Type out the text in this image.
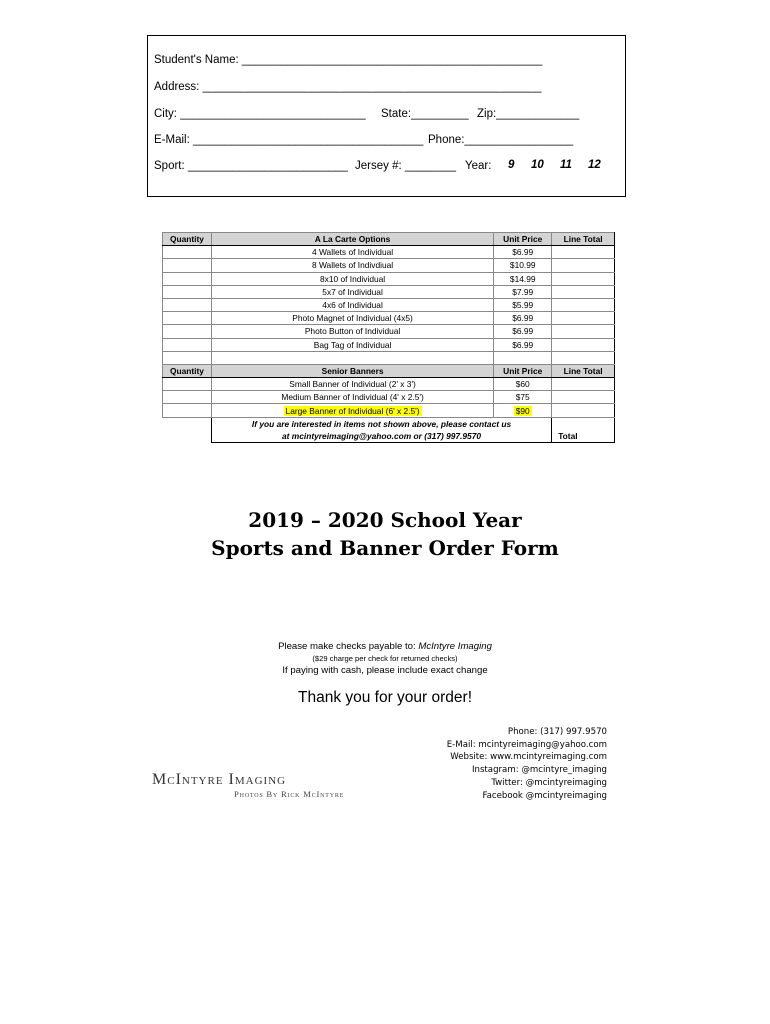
Student's Name: _______________________________________________
Address: _____________________________________________________
City: _____________________________ State:_________ Zip:_____________
E-Mail: ____________________________________ Phone:_________________
Sport: _________________________ Jersey #: ________ Year: 9 10 11 12
Quantity	A La Carte Options	Unit Price	Line Total
	4 Wallets of Individual	$6.99	
	8 Wallets of Indivdiual	$10.99	
	8x10 of Individual	$14.99	
	5x7 of Individual	$7.99	
	4x6 of Individual	$5.99	
	Photo Magnet of Individual (4x5)	$6.99	
	Photo Button of Individual	$6.99	
	Bag Tag of Individual	$6.99	

Quantity	Senior Banners	Unit Price	Line Total
	Small Banner of Individual (2' x 3')	$60	
	Medium Banner of Individual (4' x 2.5')	$75	
	Large Banner of Individual (6' x 2.5')	$90	

	If you are interested in items not shown above, please contact us
at mcintyreimaging@yahoo.com or (317) 997.9570		Total
2019 – 2020 School Year
Sports and Banner Order Form
Please make checks payable to: McIntyre Imaging
($29 charge per check for returned checks)
If paying with cash, please include exact change
Thank you for your order!
Phone: (317) 997.9570
E-Mail: mcintyreimaging@yahoo.com
Website: www.mcintyreimaging.com
Instagram: @mcintyre_imaging
Twitter: @mcintyreimaging
Facebook @mcintyreimaging
McIntyre Imaging
Photos By Rick McIntyre
